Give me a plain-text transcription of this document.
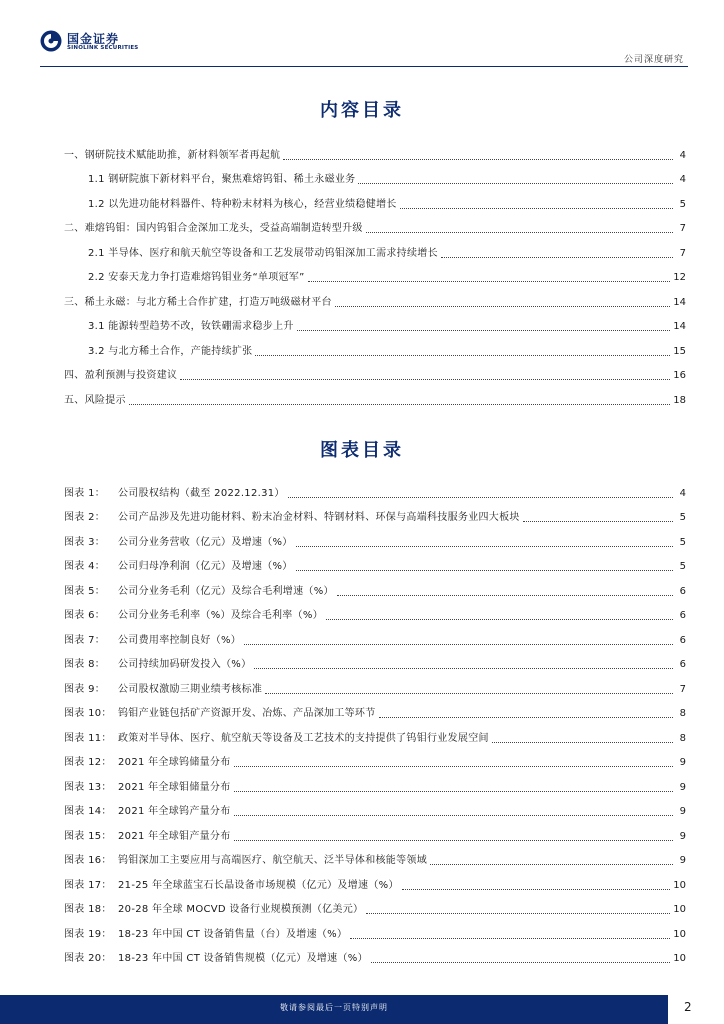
国金证券
SINOLINK SECURITIES
公司深度研究
内容目录
一、钢研院技术赋能助推，新材料领军者再起航	4
1.1 钢研院旗下新材料平台，聚焦难熔钨钼、稀土永磁业务	4
1.2 以先进功能材料器件、特种粉末材料为核心，经营业绩稳健增长	5
二、难熔钨钼：国内钨钼合金深加工龙头，受益高端制造转型升级	7
2.1 半导体、医疗和航天航空等设备和工艺发展带动钨钼深加工需求持续增长	7
2.2 安泰天龙力争打造难熔钨钼业务“单项冠军”	12
三、稀土永磁：与北方稀土合作扩建，打造万吨级磁材平台	14
3.1 能源转型趋势不改，钕铁硼需求稳步上升	14
3.2 与北方稀土合作，产能持续扩张	15
四、盈利预测与投资建议	16
五、风险提示	18
图表目录
图表 1： 公司股权结构（截至 2022.12.31）	4
图表 2： 公司产品涉及先进功能材料、粉末冶金材料、特钢材料、环保与高端科技服务业四大板块	5
图表 3： 公司分业务营收（亿元）及增速（%）	5
图表 4： 公司归母净利润（亿元）及增速（%）	5
图表 5： 公司分业务毛利（亿元）及综合毛利增速（%）	6
图表 6： 公司分业务毛利率（%）及综合毛利率（%）	6
图表 7： 公司费用率控制良好（%）	6
图表 8： 公司持续加码研发投入（%）	6
图表 9： 公司股权激励三期业绩考核标准	7
图表 10： 钨钼产业链包括矿产资源开发、冶炼、产品深加工等环节	8
图表 11： 政策对半导体、医疗、航空航天等设备及工艺技术的支持提供了钨钼行业发展空间	8
图表 12： 2021 年全球钨储量分布	9
图表 13： 2021 年全球钼储量分布	9
图表 14： 2021 年全球钨产量分布	9
图表 15： 2021 年全球钼产量分布	9
图表 16： 钨钼深加工主要应用与高端医疗、航空航天、泛半导体和核能等领域	9
图表 17： 21-25 年全球蓝宝石长晶设备市场规模（亿元）及增速（%）	10
图表 18： 20-28 年全球 MOCVD 设备行业规模预测（亿美元）	10
图表 19： 18-23 年中国 CT 设备销售量（台）及增速（%）	10
图表 20： 18-23 年中国 CT 设备销售规模（亿元）及增速（%）	10
敬请参阅最后一页特别声明	2
